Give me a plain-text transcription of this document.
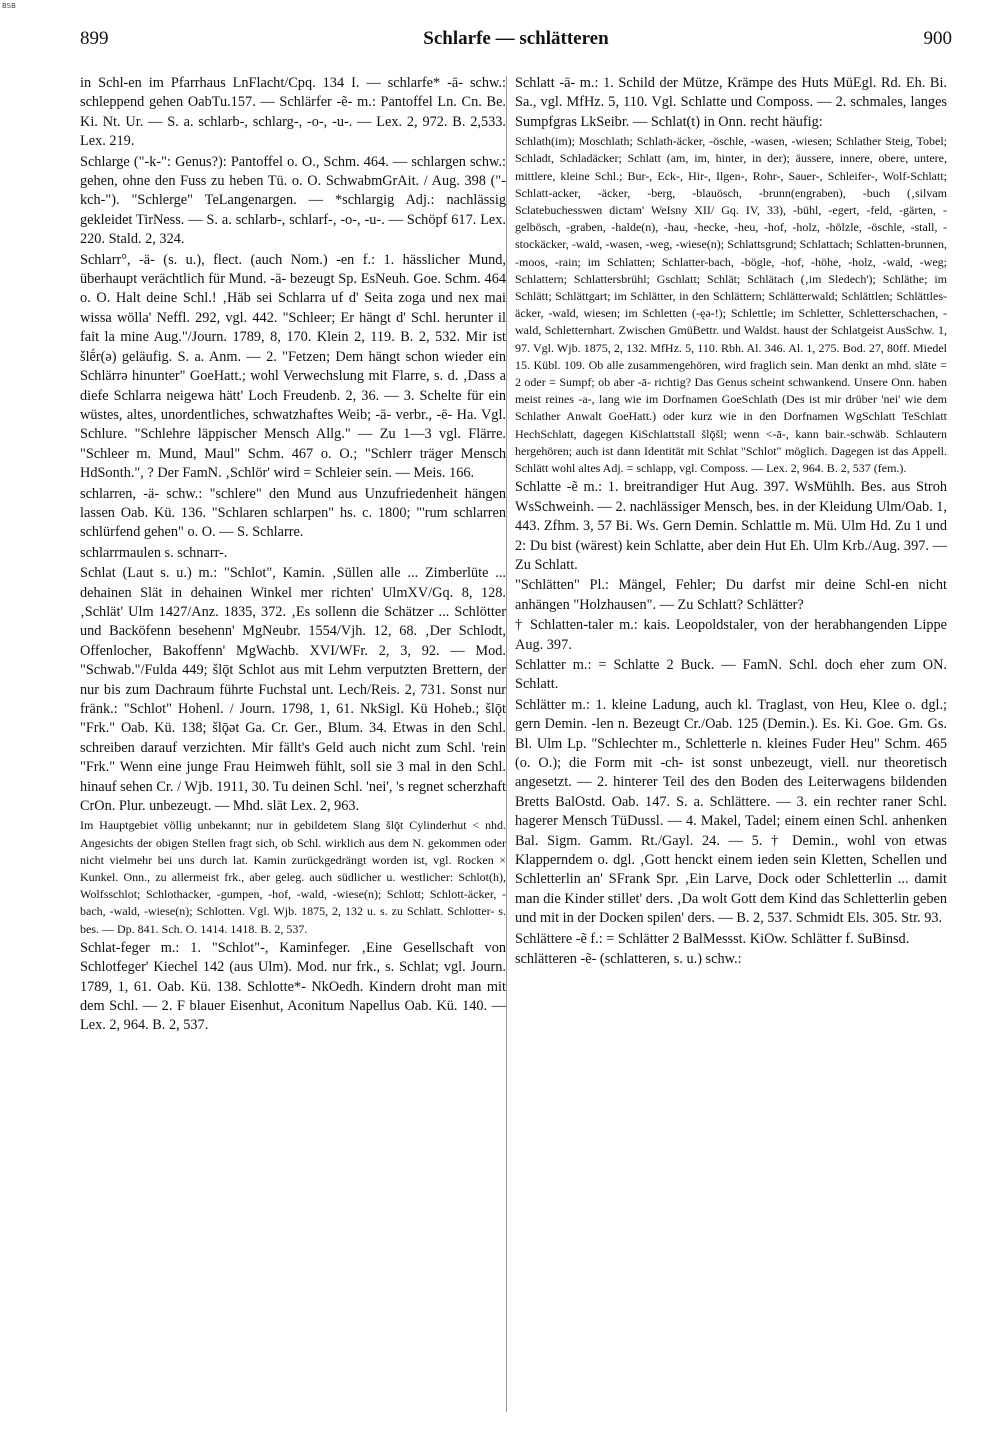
BSB
899	Schlarfe — schlätteren	900

in Schl-en im Pfarrhaus LnFlacht/Cpq. 134 I. — schlarfe* -ā- schw.: schleppend gehen OabTu.157. — Schlärfer -ẽ- m.: Pantoffel Ln. Cn. Be. Ki. Nt. Ur. — S. a. schlarb-, schlarg-, -o-, -u-. — Lex. 2, 972. B. 2,533. Lex. 219.

Schlarge ("-k-": Genus?): Pantoffel o. O., Schm. 464. — schlargen schw.: gehen, ohne den Fuss zu heben Tü. o. O. SchwabmGrAit. / Aug. 398 ("-kch-"). "Schlerge" TeLangenargen. — *schlargig Adj.: nachlässig gekleidet TirNess. — S. a. schlarb-, schlarf-, -o-, -u-. — Schöpf 617. Lex. 220. Stald. 2, 324.

Schlarr°, -ä- (s. u.), flect. (auch Nom.) -en f.: 1. hässlicher Mund, überhaupt verächtlich für Mund. -ā- bezeugt Sp. EsNeuh. Goe. Schm. 464 o. O. Halt deine Schl.! ‚Häb sei Schlarra uf d' Seita zoga und nex mai wissa wölla' Neffl. 292, vgl. 442. "Schleer; Er hängt d' Schl. herunter il fait la mine Aug."/Journ. 1789, 8, 170. Klein 2, 119. B. 2, 532. Mir ist šlḗr(ə) geläufig. S. a. Anm. — 2. "Fetzen; Dem hängt schon wieder ein Schlärrə hinunter" GoeHatt.; wohl Verwechslung mit Flarre, s. d. ‚Dass a diefe Schlarra neigewa hätt' Loch Freudenb. 2, 36. — 3. Schelte für ein wüstes, altes, unordentliches, schwatzhaftes Weib; -ā- verbr., -ē- Ha. Vgl. Schlure. "Schlehre läppischer Mensch Allg." — Zu 1—3 vgl. Flärre. "Schleer m. Mund, Maul" Schm. 467 o. O.; "Schlerr träger Mensch HdSonth.", ? Der FamN. ‚Schlör' wird = Schleier sein. — Meis. 166.

schlarren, -ä- schw.: "schlere" den Mund aus Unzufriedenheit hängen lassen Oab. Kü. 136. "Schlaren schlarpen" hs. c. 1800; "'rum schlarren schlürfend gehen" o. O. — S. Schlarre.

schlarrmaulen s. schnarr-.

Schlat (Laut s. u.) m.: "Schlot", Kamin. ‚Süllen alle ... Zimberlüte ... dehainen Slät in dehainen Winkel mer richten' UlmXV/Gq. 8, 128. ‚Schlät' Ulm 1427/Anz. 1835, 372. ‚Es sollenn die Schätzer ... Schlötter und Backöfenn besehenn' MgNeubr. 1554/Vjh. 12, 68. ‚Der Schlodt, Offenlocher, Bakoffenn' MgWachb. XVI/WFr. 2, 3, 92. — Mod. "Schwab."/Fulda 449; šlǭt Schlot aus mit Lehm verputzten Brettern, der nur bis zum Dachraum führte Fuchstal unt. Lech/Reis. 2, 731. Sonst nur fränk.: "Schlot" Hohenl. / Journ. 1798, 1, 61. NkSigl. Kü Hoheb.; šlǭt "Frk." Oab. Kü. 138; šlǭət Ga. Cr. Ger., Blum. 34. Etwas in den Schl. schreiben darauf verzichten. Mir fällt's Geld auch nicht zum Schl. 'rein "Frk." Wenn eine junge Frau Heimweh fühlt, soll sie 3 mal in den Schl. hinauf sehen Cr. / Wjb. 1911, 30. Tu deinen Schl. 'nei', 's regnet scherzhaft CrOn. Plur. unbezeugt. — Mhd. slāt Lex. 2, 963.

Im Hauptgebiet völlig unbekannt; nur in gebildetem Slang šlǭt Cylinderhut < nhd. Angesichts der obigen Stellen fragt sich, ob Schl. wirklich aus dem N. gekommen oder nicht vielmehr bei uns durch lat. Kamin zurückgedrängt worden ist, vgl. Rocken × Kunkel. Onn., zu allermeist frk., aber geleg. auch südlicher u. westlicher: Schlot(h), Wolfsschlot; Schlothacker, -gumpen, -hof, -wald, -wiese(n); Schlott; Schlott-äcker, -bach, -wald, -wiese(n); Schlotten. Vgl. Wjb. 1875, 2, 132 u. s. zu Schlatt. Schlotter- s. bes. — Dp. 841. Sch. O. 1414. 1418. B. 2, 537.

Schlat-feger m.: 1. "Schlot"-, Kaminfeger. ‚Eine Gesellschaft von Schlotfeger' Kiechel 142 (aus Ulm). Mod. nur frk., s. Schlat; vgl. Journ. 1789, 1, 61. Oab. Kü. 138. Schlotte*- NkOedh. Kindern droht man mit dem Schl. — 2. F blauer Eisenhut, Aconitum Napellus Oab. Kü. 140. — Lex. 2, 964. B. 2, 537.

Schlatt -ā- m.: 1. Schild der Mütze, Krämpe des Huts MüEgl. Rd. Eh. Bi. Sa., vgl. MfHz. 5, 110. Vgl. Schlatte und Composs. — 2. schmales, langes Sumpfgras LkSeibr. — Schlat(t) in Onn. recht häufig:

Schlath(im); Moschlath; Schlath-äcker, -öschle, -wasen, -wiesen; Schlather Steig, Tobel; Schladt, Schladäcker; Schlatt (am, im, hinter, in der); äussere, innere, obere, untere, mittlere, kleine Schl.; Bur-, Eck-, Hir-, Ilgen-, Rohr-, Sauer-, Schleifer-, Wolf-Schlatt; Schlatt-acker, -äcker, -berg, -blauösch, -brunn(engraben), -buch (‚silvam Sclatebuchesswen dictam' WeIsny XII/ Gq. IV, 33), -bühl, -egert, -feld, -gärten, -gelbösch, -graben, -halde(n), -hau, -hecke, -heu, -hof, -holz, -hölzle, -öschle, -stall, -stockäcker, -wald, -wasen, -weg, -wiese(n); Schlattsgrund; Schlattach; Schlatten-brunnen, -moos, -rain; im Schlatten; Schlatter-bach, -bögle, -hof, -höhe, -holz, -wald, -weg; Schlattern; Schlattersbrühl; Gschlatt; Schlät; Schlätach (‚im Sledech'); Schläthe; im Schlätt; Schlättgart; im Schlätter, in den Schlättern; Schlätterwald; Schlättlen; Schlättles-äcker, -wald, wiesen; im Schletten (-ęə-!); Schlettle; im Schletter, Schletterschachen, -wald, Schletternhart. Zwischen GmüBettr. und Waldst. haust der Schlatgeist AusSchw. 1, 97. Vgl. Wjb. 1875, 2, 132. MfHz. 5, 110. Rbh. Al. 346. Al. 1, 275. Bod. 27, 80ff. Miedel 15. Kübl. 109. Ob alle zusammengehören, wird fraglich sein. Man denkt an mhd. slāte = 2 oder = Sumpf; ob aber -ā- richtig? Das Genus scheint schwankend. Unsere Onn. haben meist reines -a-, lang wie im Dorfnamen GoeSchlath (Des ist mir drüber 'nei' wie dem Schlather Anwalt GoeHatt.) oder kurz wie in den Dorfnamen WgSchlatt TeSchlatt HechSchlatt, dagegen KiSchlattstall šlǭšl; wenn <-ā-, kann bair.-schwäb. Schlautern hergehören; auch ist dann Identität mit Schlat "Schlot" möglich. Dagegen ist das Appell. Schlätt wohl altes Adj. = schlapp, vgl. Composs. — Lex. 2, 964. B. 2, 537 (fem.).

Schlatte -ẽ m.: 1. breitrandiger Hut Aug. 397. WsMühlh. Bes. aus Stroh WsSchweinh. — 2. nachlässiger Mensch, bes. in der Kleidung Ulm/Oab. 1, 443. Zfhm. 3, 57 Bi. Ws. Gern Demin. Schlattle m. Mü. Ulm Hd. Zu 1 und 2: Du bist (wärest) kein Schlatte, aber dein Hut Eh. Ulm Krb./Aug. 397. — Zu Schlatt.

"Schlätten" Pl.: Mängel, Fehler; Du darfst mir deine Schl-en nicht anhängen "Holzhausen". — Zu Schlatt? Schlätter?

† Schlatten-taler m.: kais. Leopoldstaler, von der herabhangenden Lippe Aug. 397.

Schlatter m.: = Schlatte 2 Buck. — FamN. Schl. doch eher zum ON. Schlatt.

Schlätter m.: 1. kleine Ladung, auch kl. Traglast, von Heu, Klee o. dgl.; gern Demin. -len n. Bezeugt Cr./Oab. 125 (Demin.). Es. Ki. Goe. Gm. Gs. Bl. Ulm Lp. "Schlechter m., Schletterle n. kleines Fuder Heu" Schm. 465 (o. O.); die Form mit -ch- ist sonst unbezeugt, viell. nur theoretisch angesetzt. — 2. hinterer Teil des den Boden des Leiterwagens bildenden Bretts BalOstd. Oab. 147. S. a. Schlättere. — 3. ein rechter raner Schl. hagerer Mensch TüDussl. — 4. Makel, Tadel; einem einen Schl. anhenken Bal. Sigm. Gamm. Rt./Gayl. 24. — 5. † Demin., wohl von etwas Klapperndem o. dgl. ‚Gott henckt einem ieden sein Kletten, Schellen und Schletterlin an' SFrank Spr. ‚Ein Larve, Dock oder Schletterlin ... damit man die Kinder stillet' ders. ‚Da wolt Gott dem Kind das Schletterlin geben und mit in der Docken spilen' ders. — B. 2, 537. Schmidt Els. 305. Str. 93.

Schlättere -ẽ f.: = Schlätter 2 BalMessst. KiOw. Schlätter f. SuBinsd.

schlätteren -ẽ- (schlatteren, s. u.) schw.:
